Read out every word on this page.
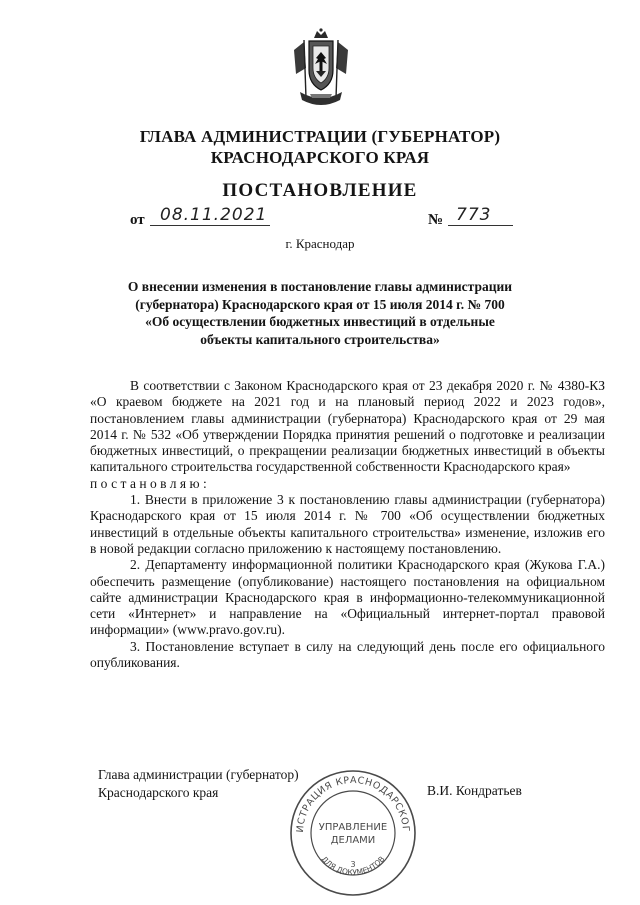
ГЛАВА АДМИНИСТРАЦИИ (ГУБЕРНАТОР)
КРАСНОДАРСКОГО КРАЯ
ПОСТАНОВЛЕНИЕ
от 08.11.2021	№ 773
г. Краснодар
О внесении изменения в постановление главы администрации
(губернатора) Краснодарского края от 15 июля 2014 г. № 700
«Об осуществлении бюджетных инвестиций в отдельные
объекты капитального строительства»

В соответствии с Законом Краснодарского края от 23 декабря 2020 г. № 4380-КЗ «О краевом бюджете на 2021 год и на плановый период 2022 и 2023 годов», постановлением главы администрации (губернатора) Краснодарского края от 29 мая 2014 г. № 532 «Об утверждении Порядка принятия решений о подготовке и реализации бюджетных инвестиций, о прекращении реализации бюджетных инвестиций в объекты капитального строительства государственной собственности Краснодарского края»

постановляю:

1. Внести в приложение 3 к постановлению главы администрации (губернатора) Краснодарского края от 15 июля 2014 г. № 700 «Об осуществлении бюджетных инвестиций в отдельные объекты капитального строительства» изменение, изложив его в новой редакции согласно приложению к настоящему постановлению.

2. Департаменту информационной политики Краснодарского края (Жукова Г.А.) обеспечить размещение (опубликование) настоящего постановления на официальном сайте администрации Краснодарского края в информационно-телекоммуникационной сети «Интернет» и направление на «Официальный интернет-портал правовой информации» (www.pravo.gov.ru).

3. Постановление вступает в силу на следующий день после его официального опубликования.

Глава администрации (губернатор)
Краснодарского края	В.И. Кондратьев
ИСТРАЦИЯ КРАСНОДАРСКОГ
УПРАВЛЕНИЕ
ДЕЛАМИ
3
ДЛЯ ДОКУМЕНТОВ
